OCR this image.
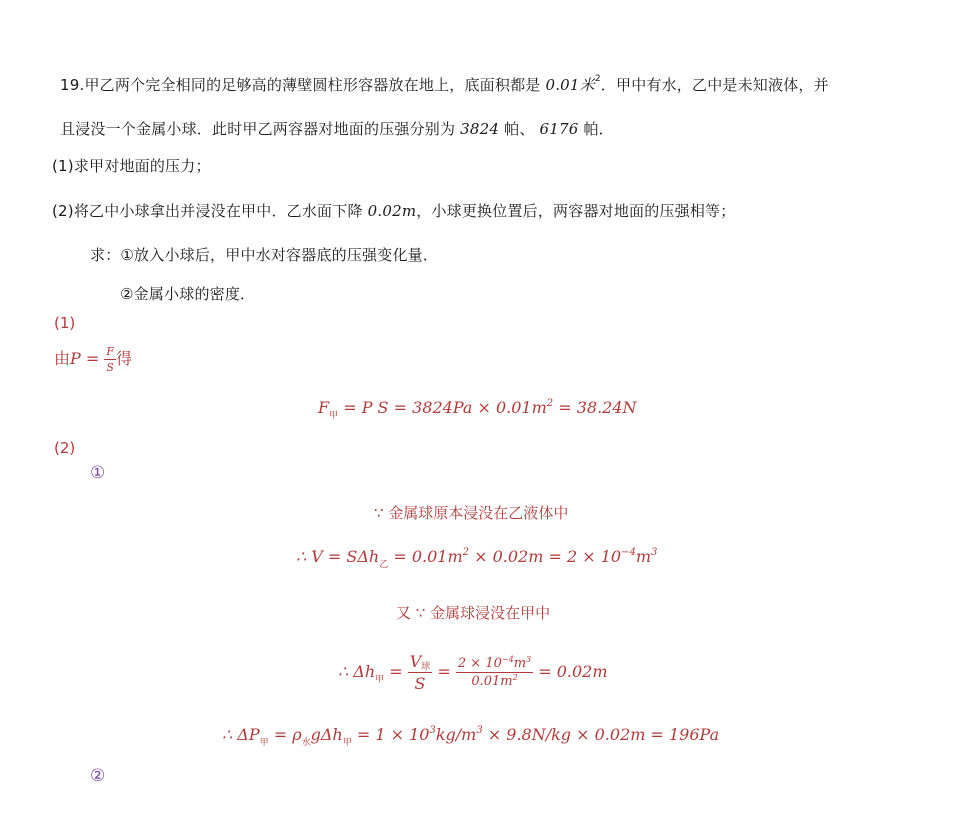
19.甲乙两个完全相同的足够高的薄壁圆柱形容器放在地上，底面积都是 0.01米$^2$．甲中有水，乙中是未知液体，并
且浸没一个金属小球．此时甲乙两容器对地面的压强分别为 3824 帕、 6176 帕．
(1)求甲对地面的压力；
(2)将乙中小球拿出并浸没在甲中．乙水面下降 0.02m，小球更换位置后，两容器对地面的压强相等；
求：①放入小球后，甲中水对容器底的压强变化量．
②金属小球的密度．
(1)
由$P = \frac{F}{S}$ 得
$F_甲 = P$ $S = 3824Pa \times 0.01m^2 = 38.24N$
(2)
①
∵ 金属球原本浸没在乙液体中
∴ $V = S\Delta h_乙 = 0.01m^2 \times 0.02m = 2 \times 10^{-4}m^3$
又 ∵ 金属球浸没在甲中
∴ $\Delta h_甲 = \frac{\text{V球}}{S} = \frac{2 \times 10^{-4}m^3}{0.01m^2} = 0.02m$
∴ $\Delta P_甲 = \rho_水g\Delta h_甲 = 1 \times 10^3kg/m^3 \times 9.8N/kg \times 0.02m = 196Pa$
②
